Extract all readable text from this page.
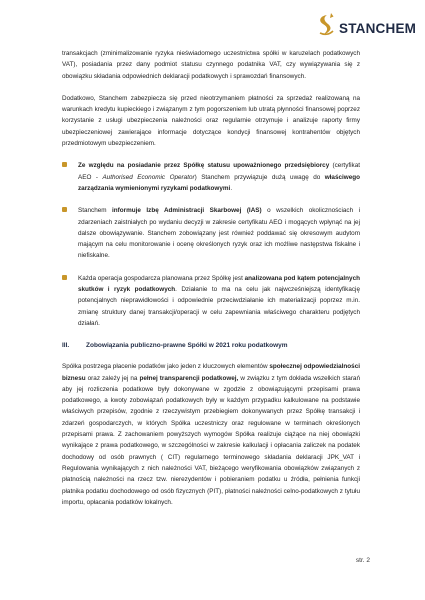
STANCHEM

transakcjach (zminimalizowanie ryzyka nieświadomego uczestnictwa spółki w karuzelach podatkowych VAT), posiadania przez dany podmiot statusu czynnego podatnika VAT, czy wywiązywania się z obowiązku składania odpowiednich deklaracji podatkowych i sprawozdań finansowych.

Dodatkowo, Stanchem zabezpiecza się przed nieotrzymaniem płatności za sprzedaż realizowaną na warunkach kredytu kupieckiego i związanym z tym pogorszeniem lub utratą płynności finansowej poprzez korzystanie z usługi ubezpieczenia należności oraz regularnie otrzymuje i analizuje raporty firmy ubezpieczeniowej zawierające informacje dotyczące kondycji finansowej kontrahentów objętych przedmiotowym ubezpieczeniem.

Ze względu na posiadanie przez Spółkę statusu upoważnionego przedsiębiorcy (certyfikat AEO - Authorised Economic Operator) Stanchem przywiązuje dużą uwagę do właściwego zarządzania wymienionymi ryzykami podatkowymi.

Stanchem informuje Izbę Administracji Skarbowej (IAS) o wszelkich okolicznościach i zdarzeniach zaistniałych po wydaniu decyzji w zakresie certyfikatu AEO i mogących wpłynąć na jej dalsze obowiązywanie. Stanchem zobowiązany jest również poddawać się okresowym audytom mającym na celu monitorowanie i ocenę określonych ryzyk oraz ich możliwe następstwa fiskalne i niefiskalne.

Każda operacja gospodarcza planowana przez Spółkę jest analizowana pod kątem potencjalnych skutków i ryzyk podatkowych. Działanie to ma na celu jak najwcześniejszą identyfikację potencjalnych nieprawidłowości i odpowiednie przeciwdziałanie ich materializacji poprzez m.in. zmianę struktury danej transakcji/operacji w celu zapewniania właściwego charakteru podjętych działań.

III.	Zobowiązania publiczno-prawne Spółki w 2021 roku podatkowym

Spółka postrzega płacenie podatków jako jeden z kluczowych elementów społecznej odpowiedzialności biznesu oraz zależy jej na pełnej transparencji podatkowej, w związku z tym dokłada wszelkich starań aby jej rozliczenia podatkowe były dokonywane w zgodzie z obowiązującymi przepisami prawa podatkowego, a kwoty zobowiązań podatkowych były w każdym przypadku kalkulowane na podstawie właściwych przepisów, zgodnie z rzeczywistym przebiegiem dokonywanych przez Spółkę transakcji i zdarzeń gospodarczych, w których Spółka uczestniczy oraz regulowane w terminach określonych przepisami prawa. Z zachowaniem powyższych wymogów Spółka realizuje ciążące na niej obowiązki wynikające z prawa podatkowego, w szczególności w zakresie kalkulacji i opłacania zaliczek na podatek dochodowy od osób prawnych ( CIT) regularnego terminowego składania deklaracji JPK_VAT i Regulowania wynikających z nich należności VAT, bieżącego weryfikowania obowiązków związanych z płatnością należności na rzecz tzw. nierezydentów i pobieraniem podatku u źródła, pełnienia funkcji płatnika podatku dochodowego od osób fizycznych (PIT), płatności należności celno-podatkowych z tytułu importu, opłacania podatków lokalnych.

str. 2
